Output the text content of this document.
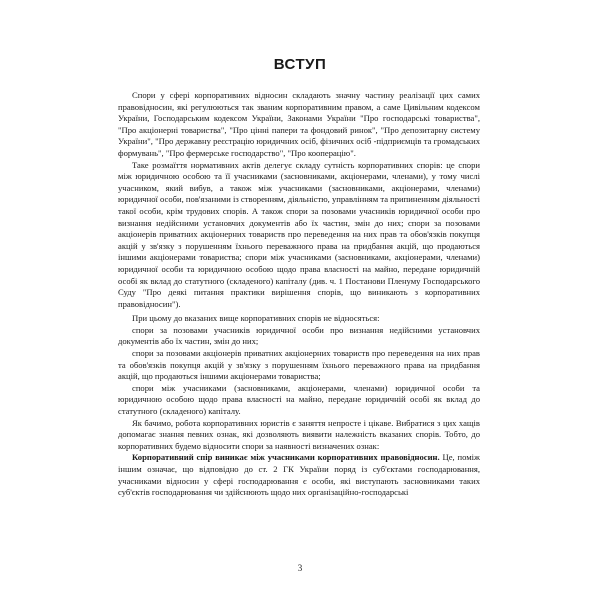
ВСТУП

Спори у сфері корпоративних відносин складають значну частину реалізації цих самих правовідносин, які регулюються так званим корпоративним правом, а саме Цивільним кодексом України, Господарським кодексом України, Законами України "Про господарські товариства", "Про акціонерні товариства", "Про цінні папери та фондовий ринок", "Про депозитарну систему України", "Про державну реєстрацію юридичних осіб, фізичних осіб -підприємців та громадських формувань", "Про фермерське господарство", "Про кооперацію".

Таке розмаїття нормативних актів делегує складу сутність корпоративних спорів: це спори між юридичною особою та її учасниками (засновниками, акціонерами, членами), у тому числі учасником, який вибув, а також між учасниками (засновниками, акціонерами, членами) юридичної особи, пов'язаними із створенням, діяльністю, управлінням та припиненням діяльності такої особи, крім трудових спорів. А також спори за позовами учасників юридичної особи про визнання недійсними установчих документів або їх частин, змін до них; спори за позовами акціонерів приватних акціонерних товариств про переведення на них прав та обов'язків покупця акцій у зв'язку з порушенням їхнього переважного права на придбання акцій, що продаються іншими акціонерами товариства; спори між учасниками (засновниками, акціонерами, членами) юридичної особи та юридичною особою щодо права власності на майно, передане юридичній особі як вклад до статутного (складеного) капіталу (див. ч. 1 Постанови Пленуму Господарського Суду "Про деякі питання практики вирішення спорів, що виникають з корпоративних правовідносин").

При цьому до вказаних вище корпоративних спорів не відносяться:

спори за позовами учасників юридичної особи про визнання недійсними установчих документів або їх частин, змін до них;

спори за позовами акціонерів приватних акціонерних товариств про переведення на них прав та обов'язків покупця акцій у зв'язку з порушенням їхнього переважного права на придбання акцій, що продаються іншими акціонерами товариства;

спори між учасниками (засновниками, акціонерами, членами) юридичної особи та юридичною особою щодо права власності на майно, передане юридичній особі як вклад до статутного (складеного) капіталу.

Як бачимо, робота корпоративних юристів є заняття непросте і цікаве. Вибратися з цих хащів допомагає знання певних ознак, які дозволяють виявити належність вказаних спорів. Тобто, до корпоративних будемо відносити спори за наявності визначених ознак:

Корпоративний спір виникає між учасниками корпоративних правовідносин. Це, поміж іншим означає, що відповідно до ст. 2 ГК України поряд із суб'єктами господарювання, учасниками відносин у сфері господарювання є особи, які виступають засновниками таких суб'єктів господарювання чи здійснюють щодо них організаційно-господарські

3
